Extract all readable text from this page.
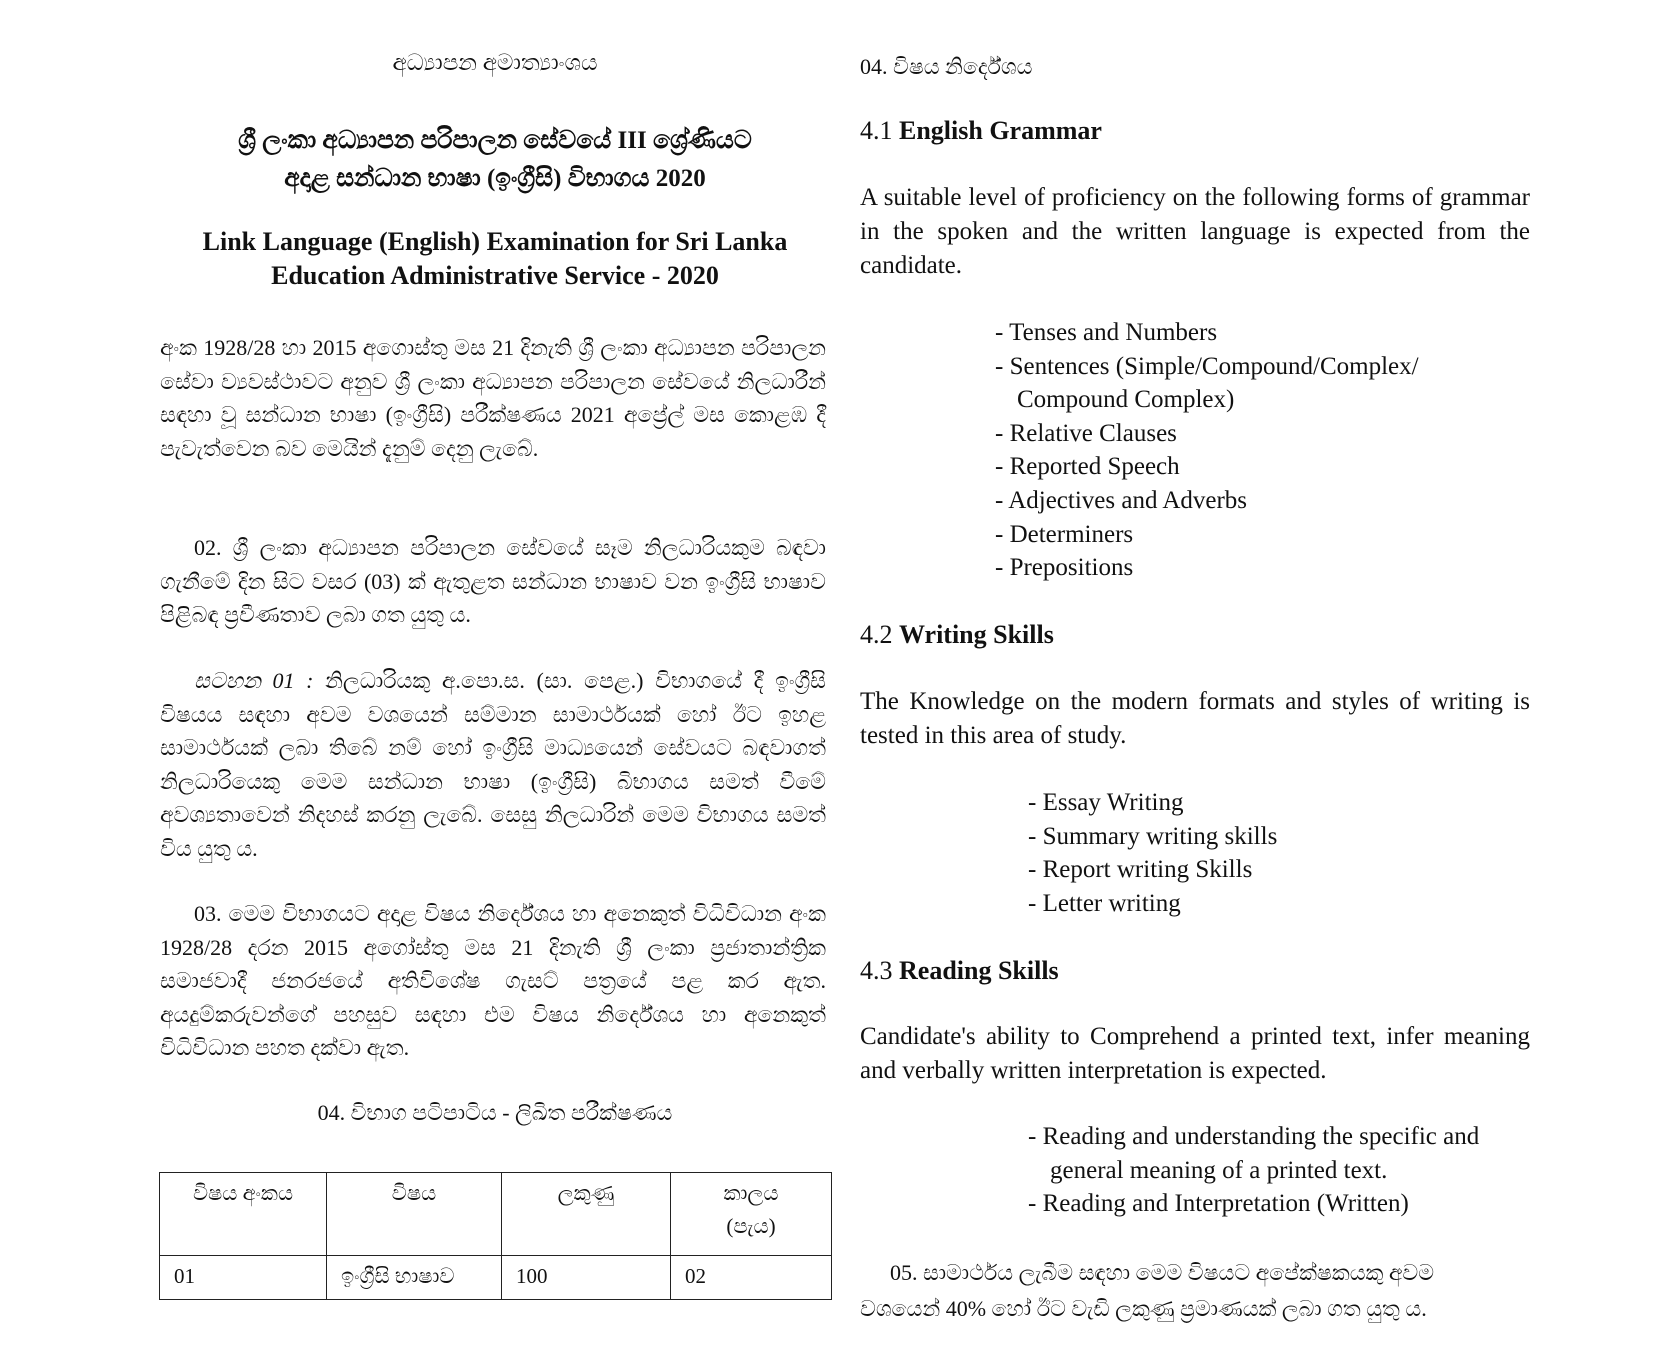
අධ්‍යාපන අමාත්‍යාංශය
ශ්‍රී ලංකා අධ්‍යාපන පරිපාලන සේවයේ III ශ්‍රේණියට
අදාළ සන්ධාන භාෂා (ඉංග්‍රීසි) විභාගය 2020
Link Language (English) Examination for Sri Lanka
Education Administrative Service - 2020
අංක 1928/28 හා 2015 අගොස්තු මස 21 දිනැති ශ්‍රී ලංකා අධ්‍යාපන පරිපාලන සේවා ව්‍යවස්ථාවට අනුව ශ්‍රී ලංකා අධ්‍යාපන පරිපාලන සේවයේ නිලධාරීන් සඳහා වූ සන්ධාන භාෂා (ඉංග්‍රීසි) පරීක්ෂණය 2021 අප්‍රේල් මස කොළඹ දී පැවැත්වෙන බව මෙයින් දැනුම් දෙනු ලැබේ.
02. ශ්‍රී ලංකා අධ්‍යාපන පරිපාලන සේවයේ සෑම නිලධාරියකුම බඳවා ගැනීමේ දින සිට වසර (03) ක් ඇතුළත සන්ධාන භාෂාව වන ඉංග්‍රීසි භාෂාව පිළිබඳ ප්‍රවීණතාව ලබා ගත යුතු ය.
සටහන 01 : නිලධාරියකු අ.පො.ස. (සා. පෙළ.) විභාගයේ දී ඉංග්‍රීසි විෂයය සඳහා අවම වශයෙන් සම්මාන සාමාර්ථයක් හෝ ඊට ඉහළ සාමාර්ථයක් ලබා තිබේ නම් හෝ ඉංග්‍රීසි මාධ්‍යයෙන් සේවයට බඳවාගත් නිලධාරියෙකු මෙම සන්ධාන භාෂා (ඉංග්‍රීසි) බිභාගය සමත් වීමේ අවශ්‍යතාවෙන් නිදහස් කරනු ලැබේ. සෙසු නිලධාරින් මෙම විභාගය සමත් විය යුතු ය.
03. මෙම විභාගයට අදාළ විෂය නිර්දේශය හා අනෙකුත් විධිවිධාන අංක 1928/28 දරන 2015 අගෝස්තු මස 21 දිනැති ශ්‍රී ලංකා ප්‍රජාතාන්ත්‍රික සමාජවාදී ජනරජයේ අතිවිශේෂ ගැසට් පත්‍රයේ පළ කර ඇත. අයදුම්කරුවන්ගේ පහසුව සඳහා එම විෂය නිර්දේශය හා අනෙකුත් විධිවිධාන පහත දක්වා ඇත.
04. විභාග පටිපාටිය - ලිඛිත පරීක්ෂණය
විෂය අංකය	විෂය	ලකුණු	කාලය
(පැය)
01	ඉංග්‍රීසි භාෂාව	100	02
04. විෂය නිර්දේශය
4.1 English Grammar
A suitable level of proficiency on the following forms of grammar in the spoken and the written language is expected from the candidate.
- Tenses and Numbers
- Sentences (Simple/Compound/Complex/
Compound Complex)
- Relative Clauses
- Reported Speech
- Adjectives and Adverbs
- Determiners
- Prepositions
4.2 Writing Skills
The Knowledge on the modern formats and styles of writing is tested in this area of study.
- Essay Writing
- Summary writing skills
- Report writing Skills
- Letter writing
4.3 Reading Skills
Candidate's ability to Comprehend a printed text, infer meaning and verbally written interpretation is expected.
- Reading and understanding the specific and
general meaning of a printed text.
- Reading and Interpretation (Written)
05. සාමාර්ථය ලැබීම සඳහා මෙම විෂයට අපේක්ෂකයකු අවම
වශයෙන් 40% හෝ ඊට වැඩි ලකුණු ප්‍රමාණයක් ලබා ගත යුතු ය.
